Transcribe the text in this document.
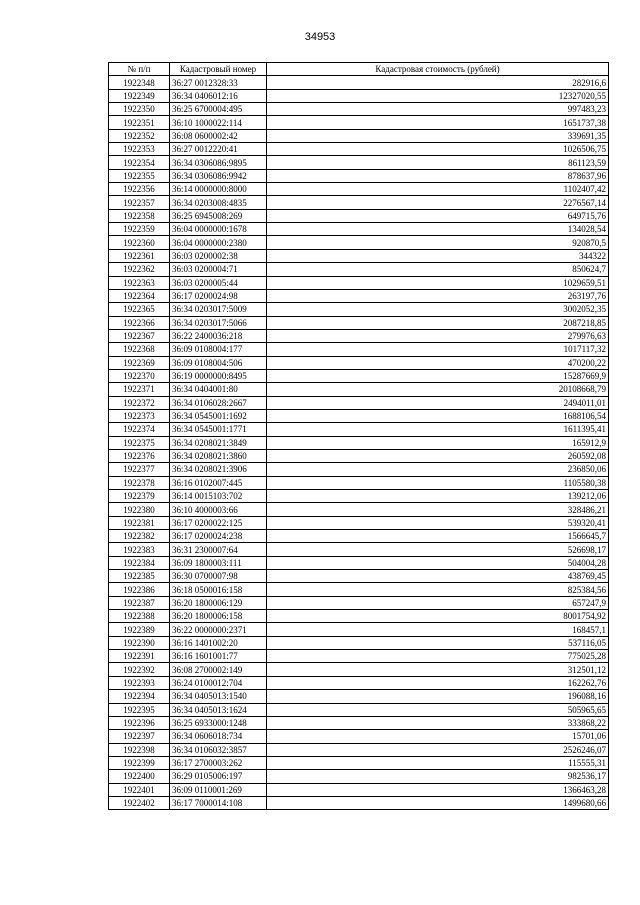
34953
№ п/п	Кадастровый номер	Кадастровая стоимость (рублей)
1922348	36:27 0012328:33	282916,6
1922349	36:34 0406012:16	12327020,55
1922350	36:25 6700004:495	997483,23
1922351	36:10 1000022:114	1651737,38
1922352	36:08 0600002:42	339691,35
1922353	36:27 0012220:41	1026506,75
1922354	36:34 0306086:9895	861123,59
1922355	36:34 0306086:9942	878637,96
1922356	36:14 0000000:8000	1102407,42
1922357	36:34 0203008:4835	2276567,14
1922358	36:25 6945008:269	649715,76
1922359	36:04 0000000:1678	134028,54
1922360	36:04 0000000:2380	920870,5
1922361	36:03 0200002:38	344322
1922362	36:03 0200004:71	850624,7
1922363	36:03 0200005:44	1029659,51
1922364	36:17 0200024:98	263197,76
1922365	36:34 0203017:5009	3002052,35
1922366	36:34 0203017:5066	2087218,85
1922367	36:22 2400036:218	279976,63
1922368	36:09 0108004:177	1017117,32
1922369	36:09 0108004:506	470200,22
1922370	36:19 0000000:8495	15287669,9
1922371	36:34 0404001:80	20108668,79
1922372	36:34 0106028:2667	2494011,01
1922373	36:34 0545001:1692	1688106,54
1922374	36:34 0545001:1771	1611395,41
1922375	36:34 0208021:3849	165912,9
1922376	36:34 0208021:3860	260592,08
1922377	36:34 0208021:3906	236850,06
1922378	36:16 0102007:445	1105580,38
1922379	36:14 0015103:702	139212,06
1922380	36:10 4000003:66	328486,21
1922381	36:17 0200022:125	539320,41
1922382	36:17 0200024:238	1566645,7
1922383	36:31 2300007:64	526698,17
1922384	36:09 1800003:111	504004,28
1922385	36:30 0700007:98	438769,45
1922386	36:18 0500016:158	825384,56
1922387	36:20 1800006:129	657247,9
1922388	36:20 1800006:158	8001754,92
1922389	36:22 0000000:2371	168457,1
1922390	36:16 1401002:20	537116,05
1922391	36:16 1601001:77	775025,28
1922392	36:08 2700002:149	312501,12
1922393	36:24 0100012:704	162262,76
1922394	36:34 0405013:1540	196088,16
1922395	36:34 0405013:1624	505965,65
1922396	36:25 6933000:1248	333868,22
1922397	36:34 0606018:734	15701,06
1922398	36:34 0106032:3857	2526246,07
1922399	36:17 2700003:262	115555,31
1922400	36:29 0105006:197	982536,17
1922401	36:09 0110001:269	1366463,28
1922402	36:17 7000014:108	1499680,66
